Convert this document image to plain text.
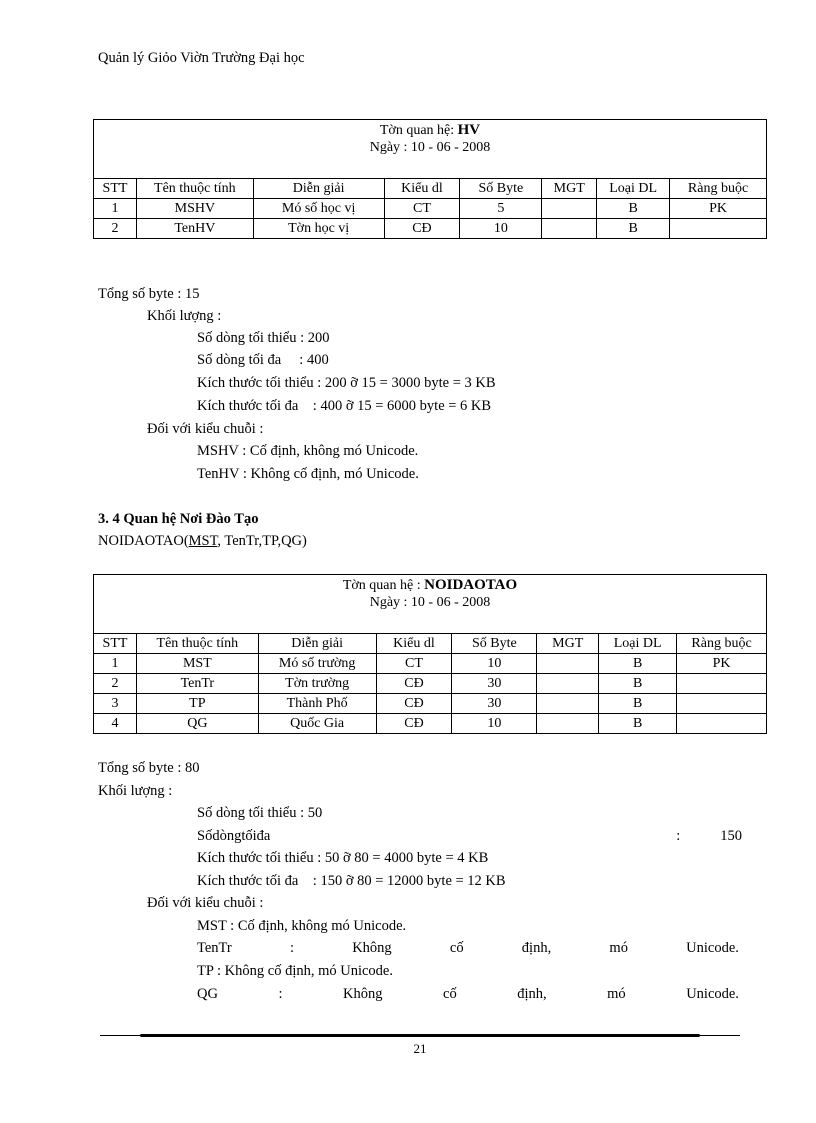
Quản lý Giỏo Viờn Trường Đại học
Tờn quan hệ: HV
Ngày : 10 - 06 - 2008							
STT	Tên thuộc tính	Diễn giải	Kiểu dl	Số Byte	MGT	Loại DL	Ràng buộc
1	MSHV	Mó số học vị	CT	5		B	PK
2	TenHV	Tờn học vị	CĐ	10		B	
Tổng số byte : 15
Khối lượng :
Số dòng tối thiểu : 200
Số dòng tối đa     : 400
Kích thước tối thiểu : 200 ỡ 15 = 3000 byte = 3 KB
Kích thước tối đa    : 400 ỡ 15 = 6000 byte = 6 KB
Đối với kiểu chuỗi :
MSHV : Cố định, không mó Unicode.
TenHV : Không cố định, mó Unicode.
3. 4 Quan hệ Nơi Đào Tạo
NOIDAOTAO(MST, TenTr,TP,QG)
Tờn quan hệ : NOIDAOTAO
Ngày : 10 - 06 - 2008							
STT	Tên thuộc tính	Diễn giải	Kiểu dl	Số Byte	MGT	Loại DL	Ràng buộc
1	MST	Mó số trường	CT	10		B	PK
2	TenTr	Tờn trường	CĐ	30		B	
3	TP	Thành Phố	CĐ	30		B	
4	QG	Quốc Gia	CĐ	10		B	
Tổng số byte : 80
Khối lượng :
Số dòng tối thiểu : 50
Số dòng tối đa	:	150
Kích thước tối thiểu : 50 ỡ 80 = 4000 byte = 4 KB
Kích thước tối đa    : 150 ỡ 80 = 12000 byte = 12 KB
Đối với kiểu chuỗi :
MST : Cố định, không mó Unicode.
TenTr	:	Không	cố	định,	mó	Unicode.
TP : Không cố định, mó Unicode.
QG	:	Không	cố	định,	mó	Unicode.
21
